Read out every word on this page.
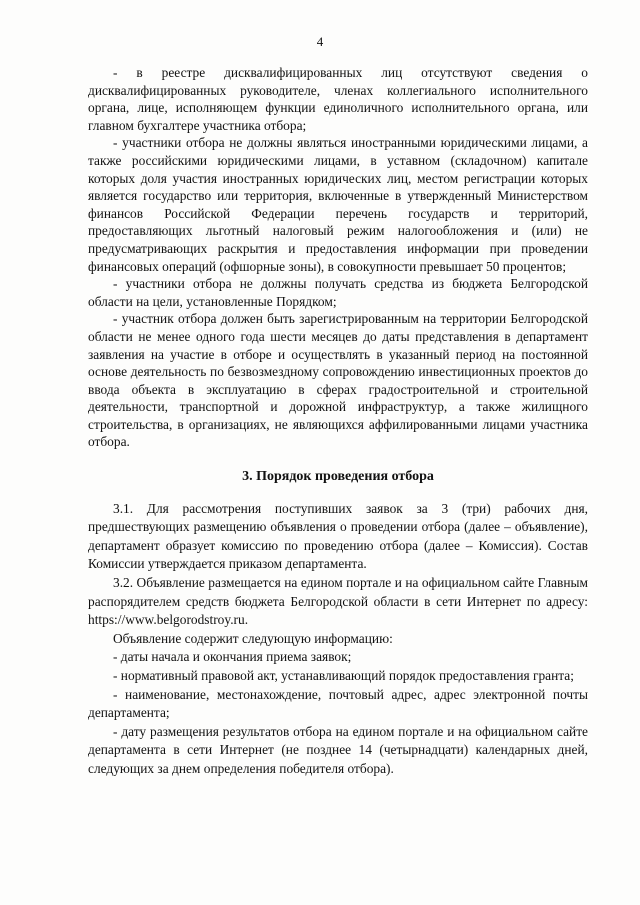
4

- в реестре дисквалифицированных лиц отсутствуют сведения о дисквалифицированных руководителе, членах коллегиального исполнительного органа, лице, исполняющем функции единоличного исполнительного органа, или главном бухгалтере участника отбора;

- участники отбора не должны являться иностранными юридическими лицами, а также российскими юридическими лицами, в уставном (складочном) капитале которых доля участия иностранных юридических лиц, местом регистрации которых является государство или территория, включенные в утвержденный Министерством финансов Российской Федерации перечень государств и территорий, предоставляющих льготный налоговый режим налогообложения и (или) не предусматривающих раскрытия и предоставления информации при проведении финансовых операций (офшорные зоны), в совокупности превышает 50 процентов;

- участники отбора не должны получать средства из бюджета Белгородской области на цели, установленные Порядком;

- участник отбора должен быть зарегистрированным на территории Белгородской области не менее одного года шести месяцев до даты представления в департамент заявления на участие в отборе и осуществлять в указанный период на постоянной основе деятельность по безвозмездному сопровождению инвестиционных проектов до ввода объекта в эксплуатацию в сферах градостроительной и строительной деятельности, транспортной и дорожной инфраструктур, а также жилищного строительства, в организациях, не являющихся аффилированными лицами участника отбора.

3. Порядок проведения отбора

3.1. Для рассмотрения поступивших заявок за 3 (три) рабочих дня, предшествующих размещению объявления о проведении отбора (далее – объявление), департамент образует комиссию по проведению отбора (далее – Комиссия). Состав Комиссии утверждается приказом департамента.

3.2. Объявление размещается на едином портале и на официальном сайте Главным распорядителем средств бюджета Белгородской области в сети Интернет по адресу: https://www.belgorodstroy.ru.

Объявление содержит следующую информацию:

- даты начала и окончания приема заявок;

- нормативный правовой акт, устанавливающий порядок предоставления гранта;

- наименование, местонахождение, почтовый адрес, адрес электронной почты департамента;

- дату размещения результатов отбора на едином портале и на официальном сайте департамента в сети Интернет (не позднее 14 (четырнадцати) календарных дней, следующих за днем определения победителя отбора).
